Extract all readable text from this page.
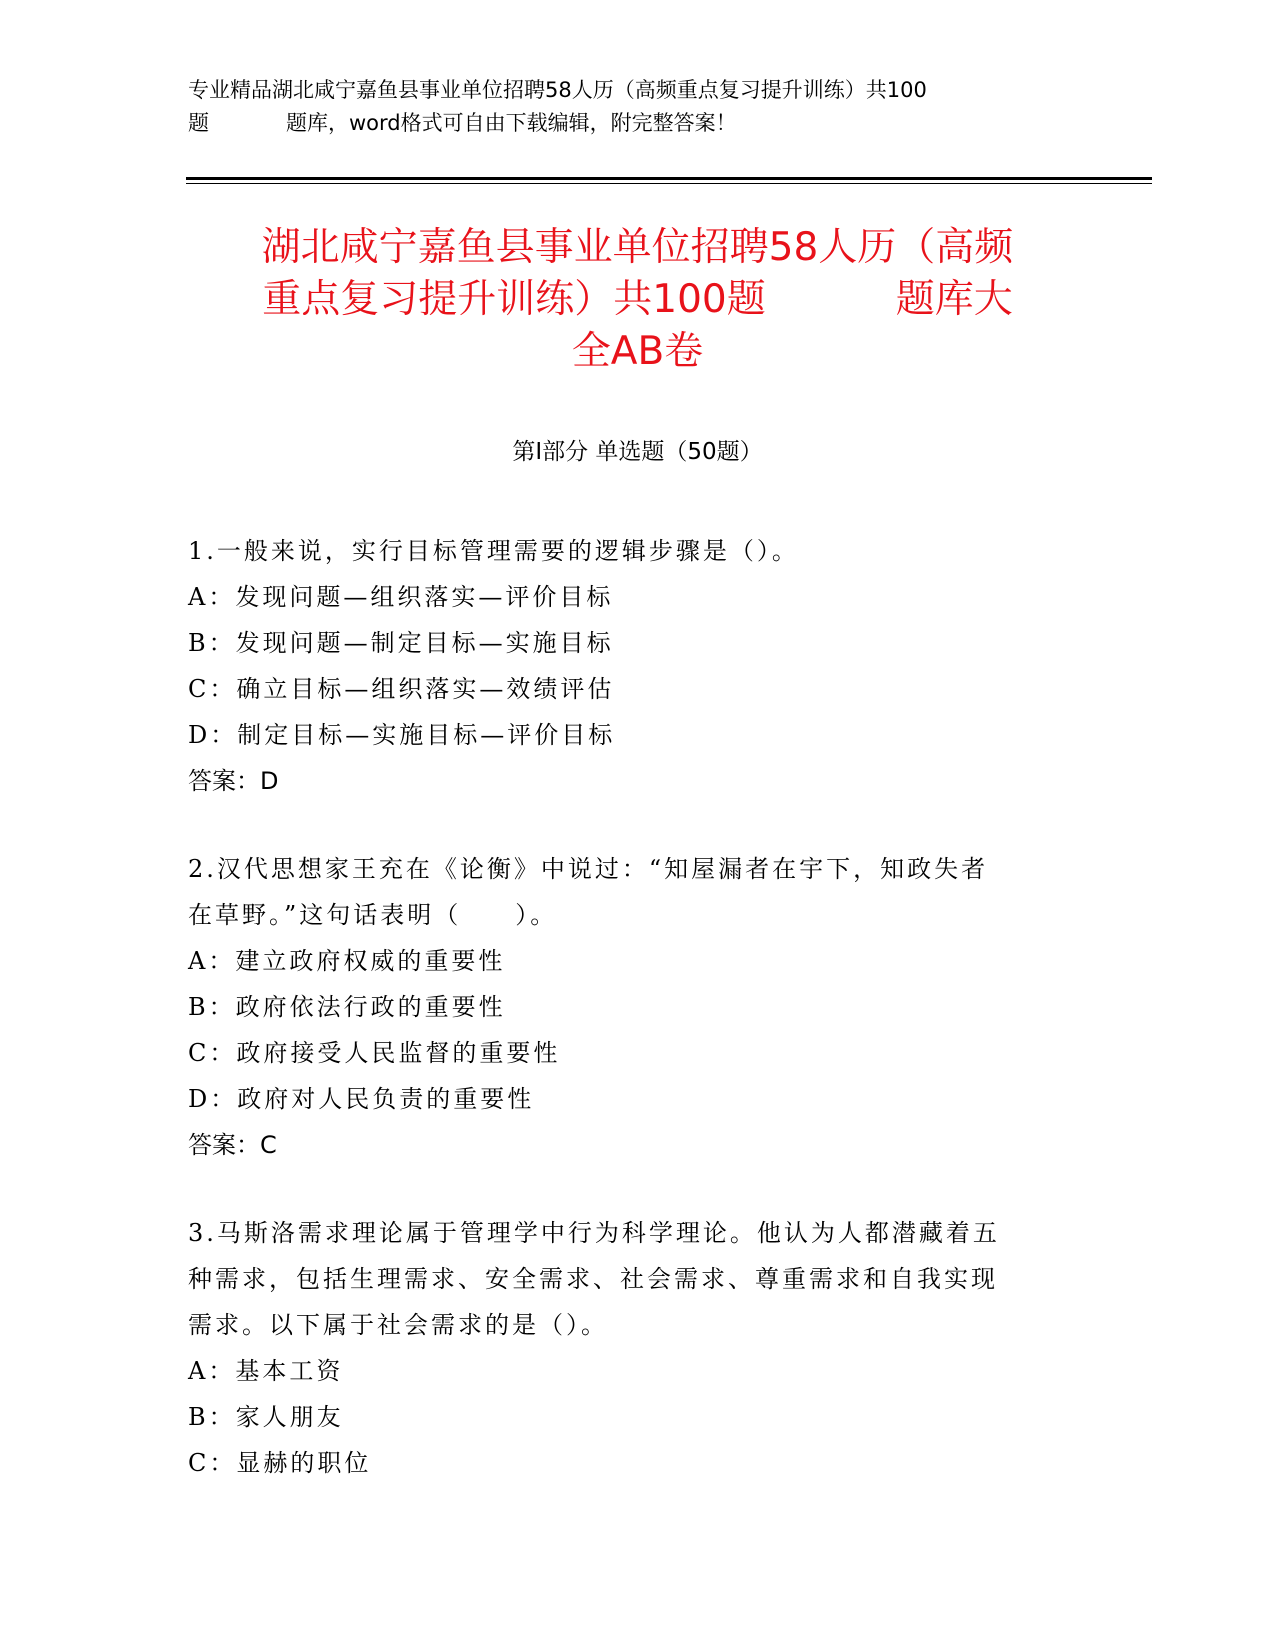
专业精品湖北咸宁嘉鱼县事业单位招聘58人历（高频重点复习提升训练）共100
题	题库，word格式可自由下载编辑，附完整答案！
湖北咸宁嘉鱼县事业单位招聘58人历（高频
重点复习提升训练）共100题	题库大
全AB卷
第Ⅰ部分 单选题（50题）
1.一般来说，实行目标管理需要的逻辑步骤是（）。
A：发现问题—组织落实—评价目标
B：发现问题—制定目标—实施目标
C：确立目标—组织落实—效绩评估
D：制定目标—实施目标—评价目标
答案：D
2.汉代思想家王充在《论衡》中说过：“知屋漏者在宇下，知政失者
在草野。”这句话表明（　　）。
A：建立政府权威的重要性
B：政府依法行政的重要性
C：政府接受人民监督的重要性
D：政府对人民负责的重要性
答案：C
3.马斯洛需求理论属于管理学中行为科学理论。他认为人都潜藏着五
种需求，包括生理需求、安全需求、社会需求、尊重需求和自我实现
需求。以下属于社会需求的是（）。
A：基本工资
B：家人朋友
C：显赫的职位
